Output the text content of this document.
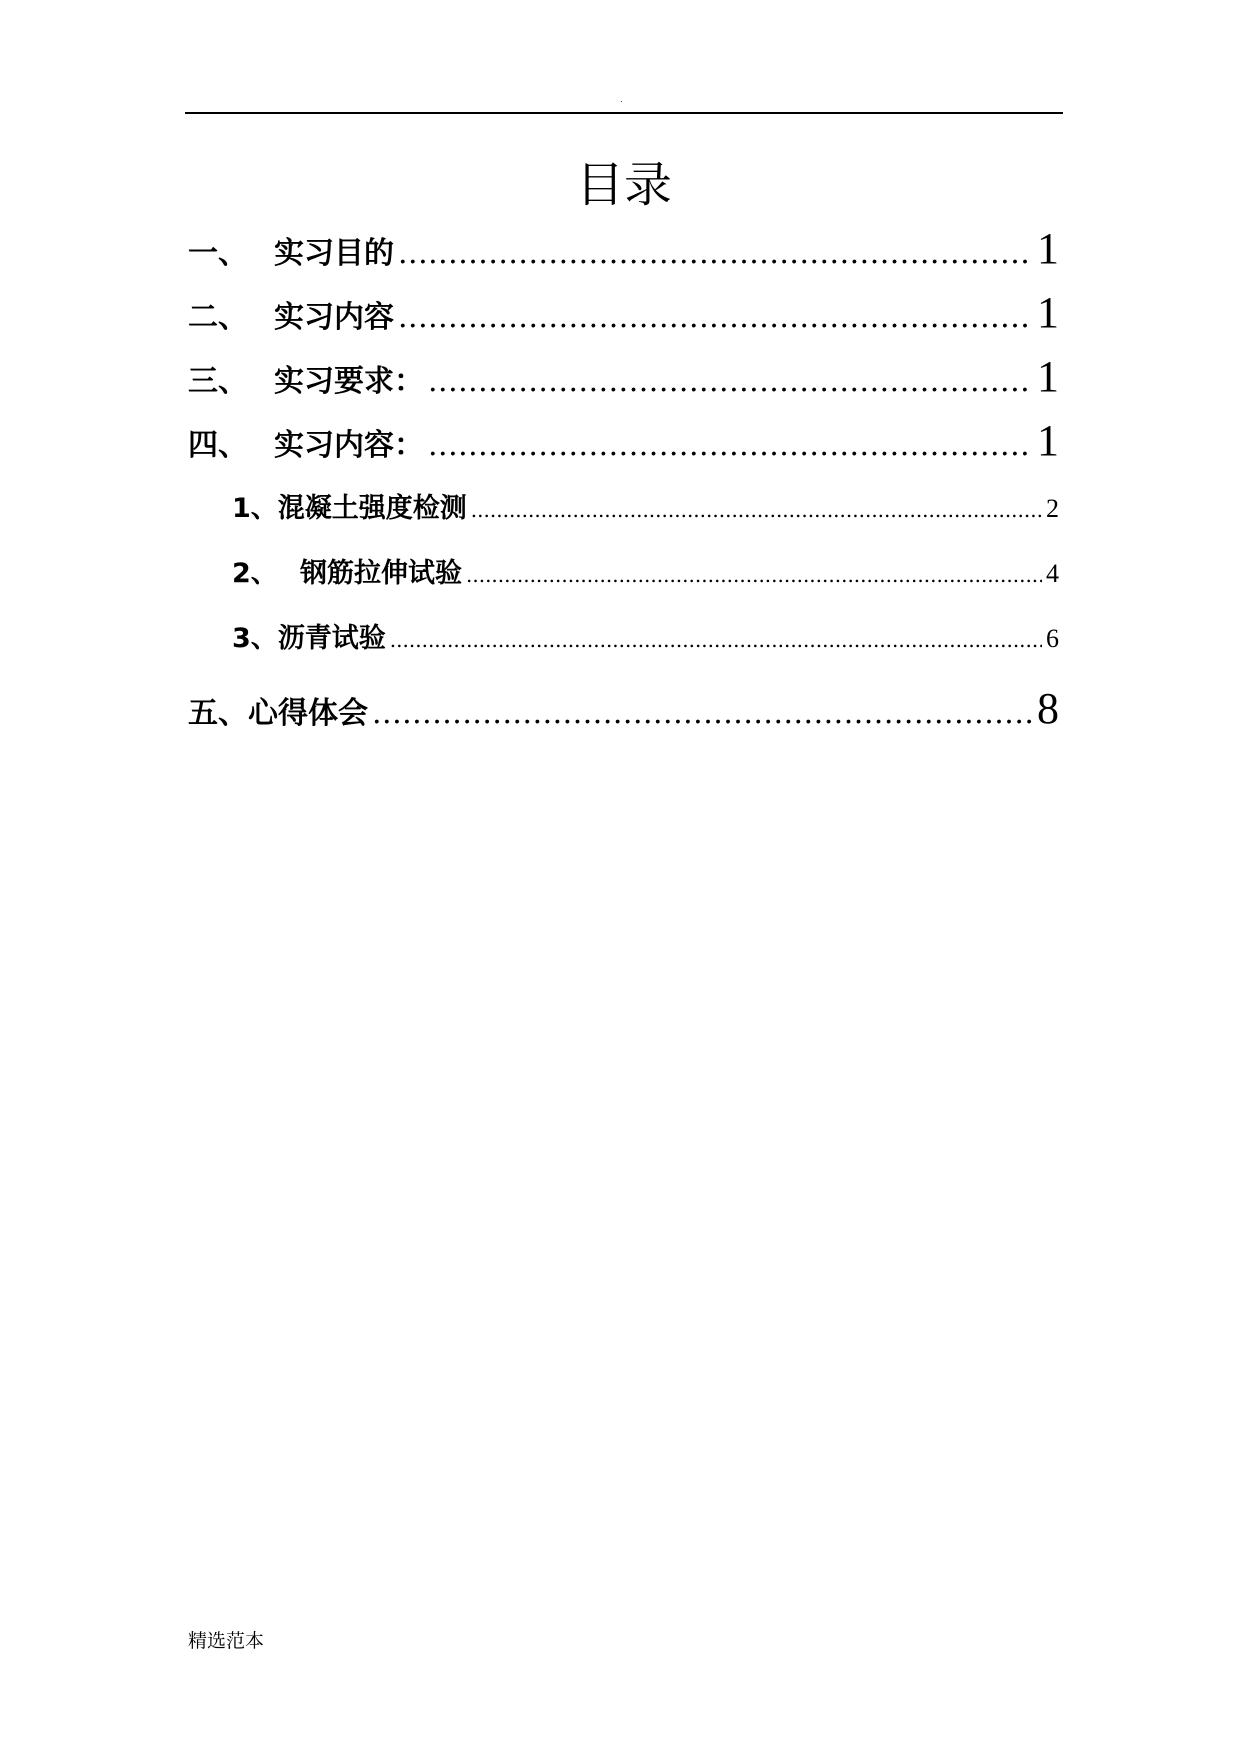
.
目录
一、 实习目的 .....	1
二、 实习内容 .....	1
三、 实习要求： .....	1
四、 实习内容： .....	1
1、 混凝土强度检测 .....	2
2、 钢筋拉伸试验 .....	4
3、 沥青试验 .....	6
五、 心得体会 .....	8
精选范本
